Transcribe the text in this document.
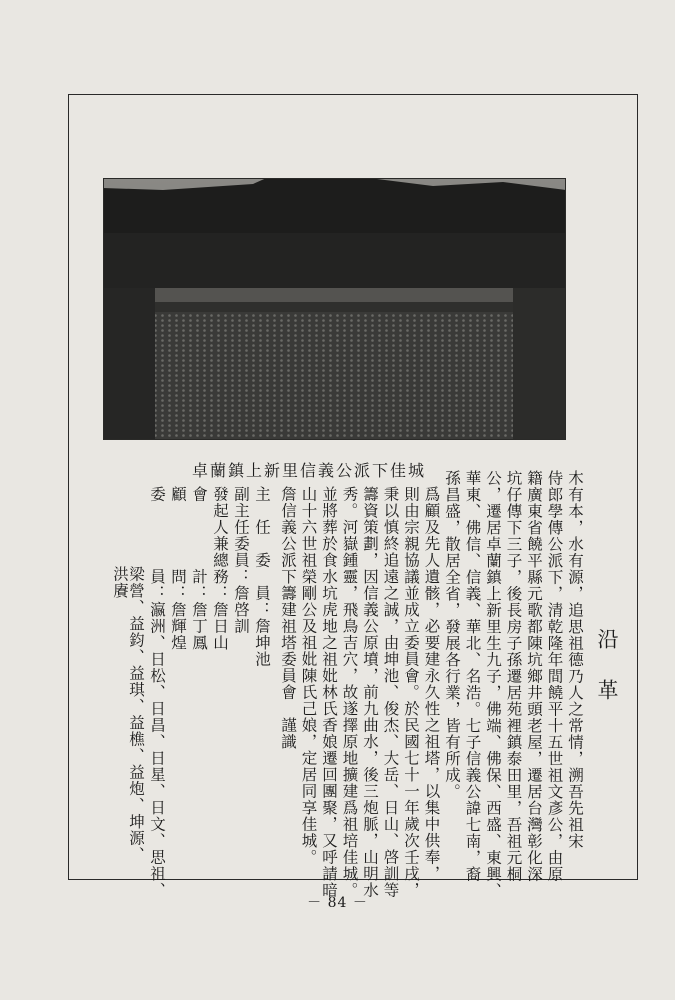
卓蘭鎮上新里信義公派下佳城
沿革
木有本，水有源，追思祖德乃人之常情，溯吾先祖宋
侍郎學傳公派下，清乾隆年間饒平十五世祖文彥公，由原
籍廣東省饒平縣元歌都陳坑鄉井頭老屋，遷居台灣彰化深
坑仔傳下三子，後長房子孫遷居苑裡鎮泰田里，吾祖元桐
公，遷居卓蘭鎮上新里生九子，佛端、佛保、西盛、東興、
華東、佛信、信義、華北、名浩。七子信義公諱七南，裔
孫昌盛，散居全省，發展各行業，皆有所成。
爲顧及先人遺骸，必要建永久性之祖塔，以集中供奉，
則由宗親協議並成立委員會。於民國七十一年歲次壬戌，
秉以慎終追遠之誠，由坤池、俊杰、大岳、日山、啓訓等
籌資策劃，因信義公原墳，前九曲水，後三炮脈，山明水
秀。河嶽鍾靈，飛鳥吉穴，故遂擇原地擴建爲祖培佳城。
並將葬於食水坑虎地之祖妣林氏香娘遷回團聚，又呼請暗
山十六世祖榮剛公及祖妣陳氏己娘，定居同享佳城。
詹信義公派下籌建祖塔委員會　謹識
主　任　委　員：詹坤池
副主任委員：詹啓訓
發起人兼總務：詹日山
會　　　　計：詹丁鳳
顧　　　　問：詹輝煌
委　　　　員：瀛洲、日松、日昌、日星、日文、思祖、
梁營、益鈞、益琪、益樵、益炮、坤源、
洪賡
－ 84 －
